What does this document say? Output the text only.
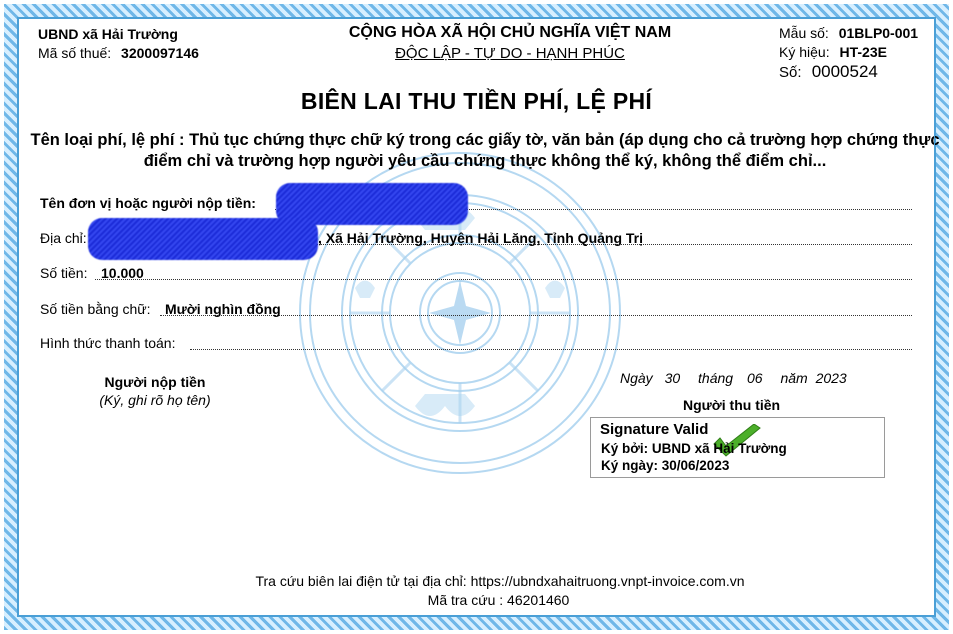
UBND xã Hải Trường
Mã số thuế: 3200097146
CỘNG HÒA XÃ HỘI CHỦ NGHĨA VIỆT NAM
ĐỘC LẬP - TỰ DO - HẠNH PHÚC
Mẫu số: 01BLP0-001
Ký hiệu: HT-23E
Số: 0000524
BIÊN LAI THU TIỀN PHÍ, LỆ PHÍ
Tên loại phí, lệ phí : Thủ tục chứng thực chữ ký trong các giấy tờ, văn bản (áp dụng cho cả trường hợp chứng thực điểm chỉ và trường hợp người yêu cầu chứng thực không thể ký, không thể điểm chỉ...
Tên đơn vị hoặc người nộp tiền:
Địa chỉ:	, Xã Hải Trường, Huyện Hải Lăng, Tỉnh Quảng Trị
Số tiền: 10.000
Số tiền bằng chữ: Mười nghìn đồng
Hình thức thanh toán:
Người nộp tiền
(Ký, ghi rõ họ tên)
Ngày 30 tháng 06 năm 2023
Người thu tiền
Signature Valid
Ký bởi: UBND xã Hải Trường
Ký ngày: 30/06/2023
Tra cứu biên lai điện tử tại địa chỉ: https://ubndxahaitruong.vnpt-invoice.com.vn
Mã tra cứu : 46201460
